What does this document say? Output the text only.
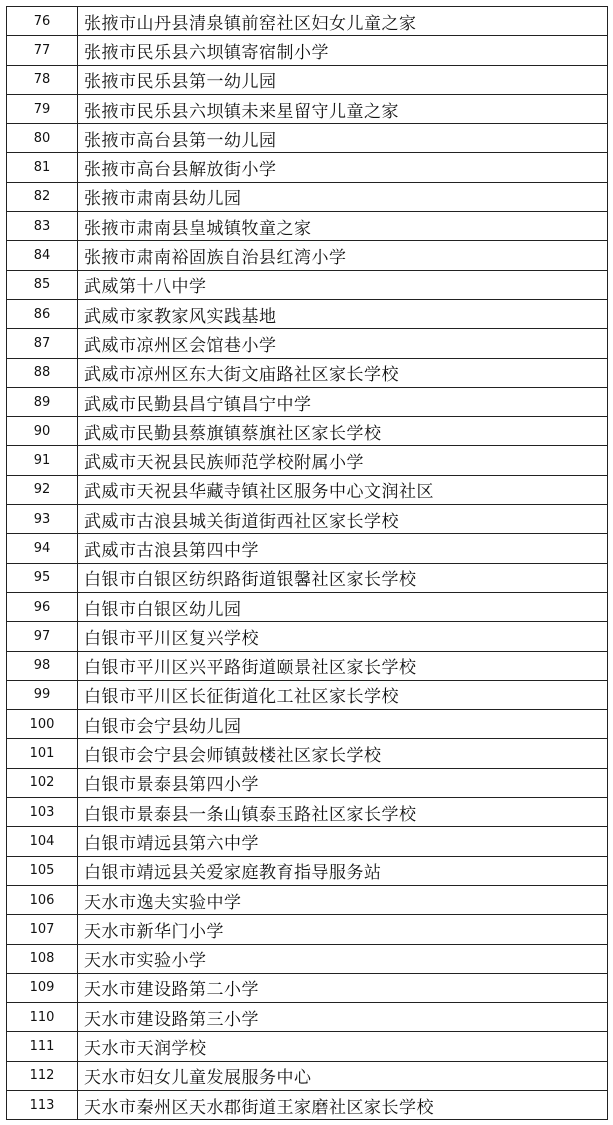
76	张掖市山丹县清泉镇前窑社区妇女儿童之家
77	张掖市民乐县六坝镇寄宿制小学
78	张掖市民乐县第一幼儿园
79	张掖市民乐县六坝镇未来星留守儿童之家
80	张掖市高台县第一幼儿园
81	张掖市高台县解放街小学
82	张掖市肃南县幼儿园
83	张掖市肃南县皇城镇牧童之家
84	张掖市肃南裕固族自治县红湾小学
85	武威第十八中学
86	武威市家教家风实践基地
87	武威市凉州区会馆巷小学
88	武威市凉州区东大街文庙路社区家长学校
89	武威市民勤县昌宁镇昌宁中学
90	武威市民勤县蔡旗镇蔡旗社区家长学校
91	武威市天祝县民族师范学校附属小学
92	武威市天祝县华藏寺镇社区服务中心文润社区
93	武威市古浪县城关街道街西社区家长学校
94	武威市古浪县第四中学
95	白银市白银区纺织路街道银馨社区家长学校
96	白银市白银区幼儿园
97	白银市平川区复兴学校
98	白银市平川区兴平路街道颐景社区家长学校
99	白银市平川区长征街道化工社区家长学校
100	白银市会宁县幼儿园
101	白银市会宁县会师镇鼓楼社区家长学校
102	白银市景泰县第四小学
103	白银市景泰县一条山镇泰玉路社区家长学校
104	白银市靖远县第六中学
105	白银市靖远县关爱家庭教育指导服务站
106	天水市逸夫实验中学
107	天水市新华门小学
108	天水市实验小学
109	天水市建设路第二小学
110	天水市建设路第三小学
111	天水市天润学校
112	天水市妇女儿童发展服务中心
113	天水市秦州区天水郡街道王家磨社区家长学校
